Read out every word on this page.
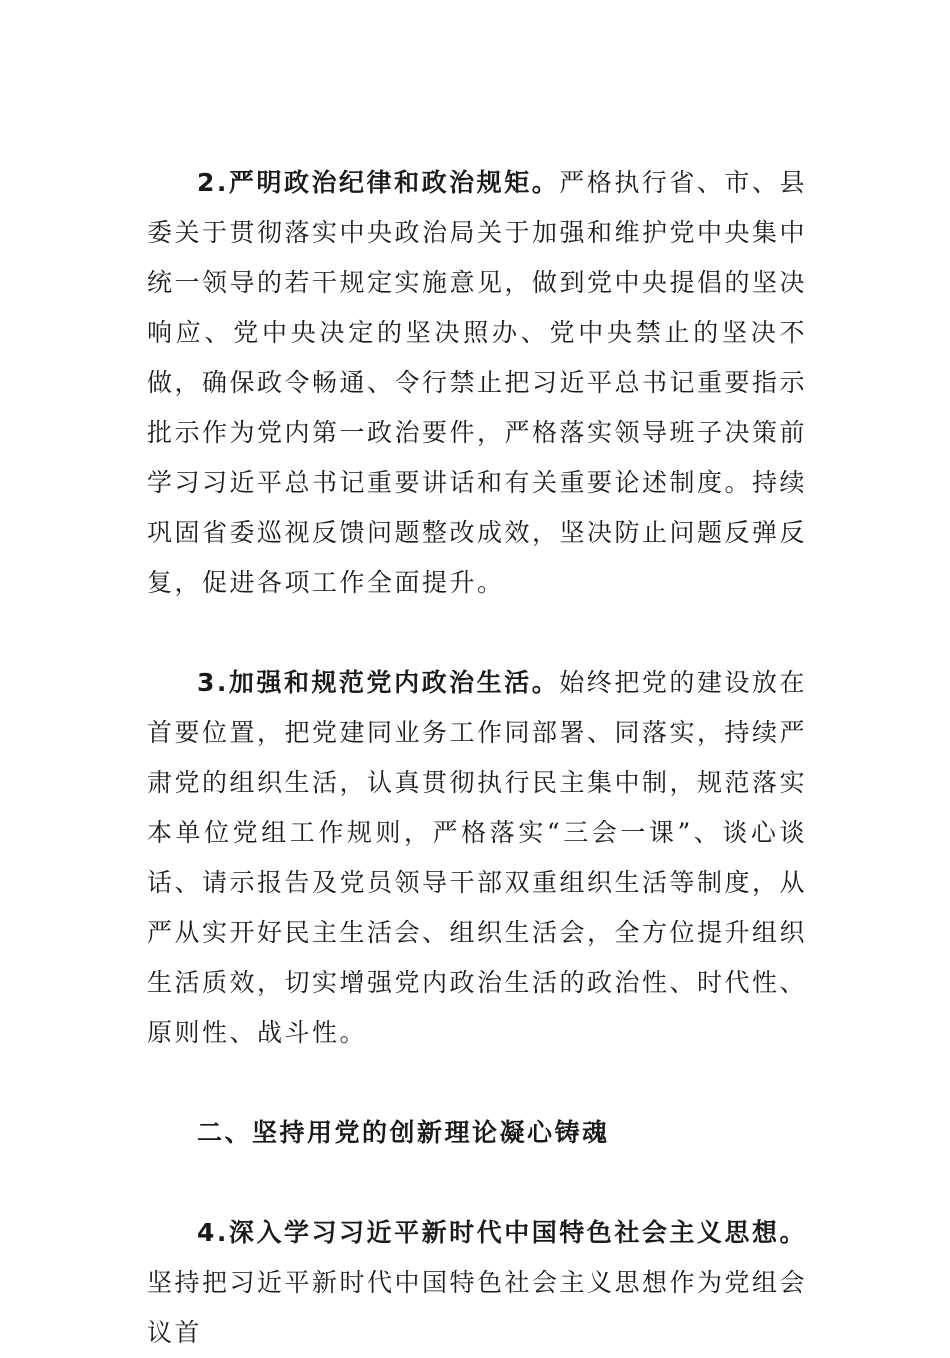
2.严明政治纪律和政治规矩。严格执行省、市、县委关于贯彻落实中央政治局关于加强和维护党中央集中统一领导的若干规定实施意见，做到党中央提倡的坚决响应、党中央决定的坚决照办、党中央禁止的坚决不做，确保政令畅通、令行禁止把习近平总书记重要指示批示作为党内第一政治要件，严格落实领导班子决策前学习习近平总书记重要讲话和有关重要论述制度。持续巩固省委巡视反馈问题整改成效，坚决防止问题反弹反复，促进各项工作全面提升。

3.加强和规范党内政治生活。始终把党的建设放在首要位置，把党建同业务工作同部署、同落实，持续严肃党的组织生活，认真贯彻执行民主集中制，规范落实本单位党组工作规则，严格落实“三会一课”、谈心谈话、请示报告及党员领导干部双重组织生活等制度，从严从实开好民主生活会、组织生活会，全方位提升组织生活质效，切实增强党内政治生活的政治性、时代性、原则性、战斗性。

二、坚持用党的创新理论凝心铸魂

4.深入学习习近平新时代中国特色社会主义思想。坚持把习近平新时代中国特色社会主义思想作为党组会议首
